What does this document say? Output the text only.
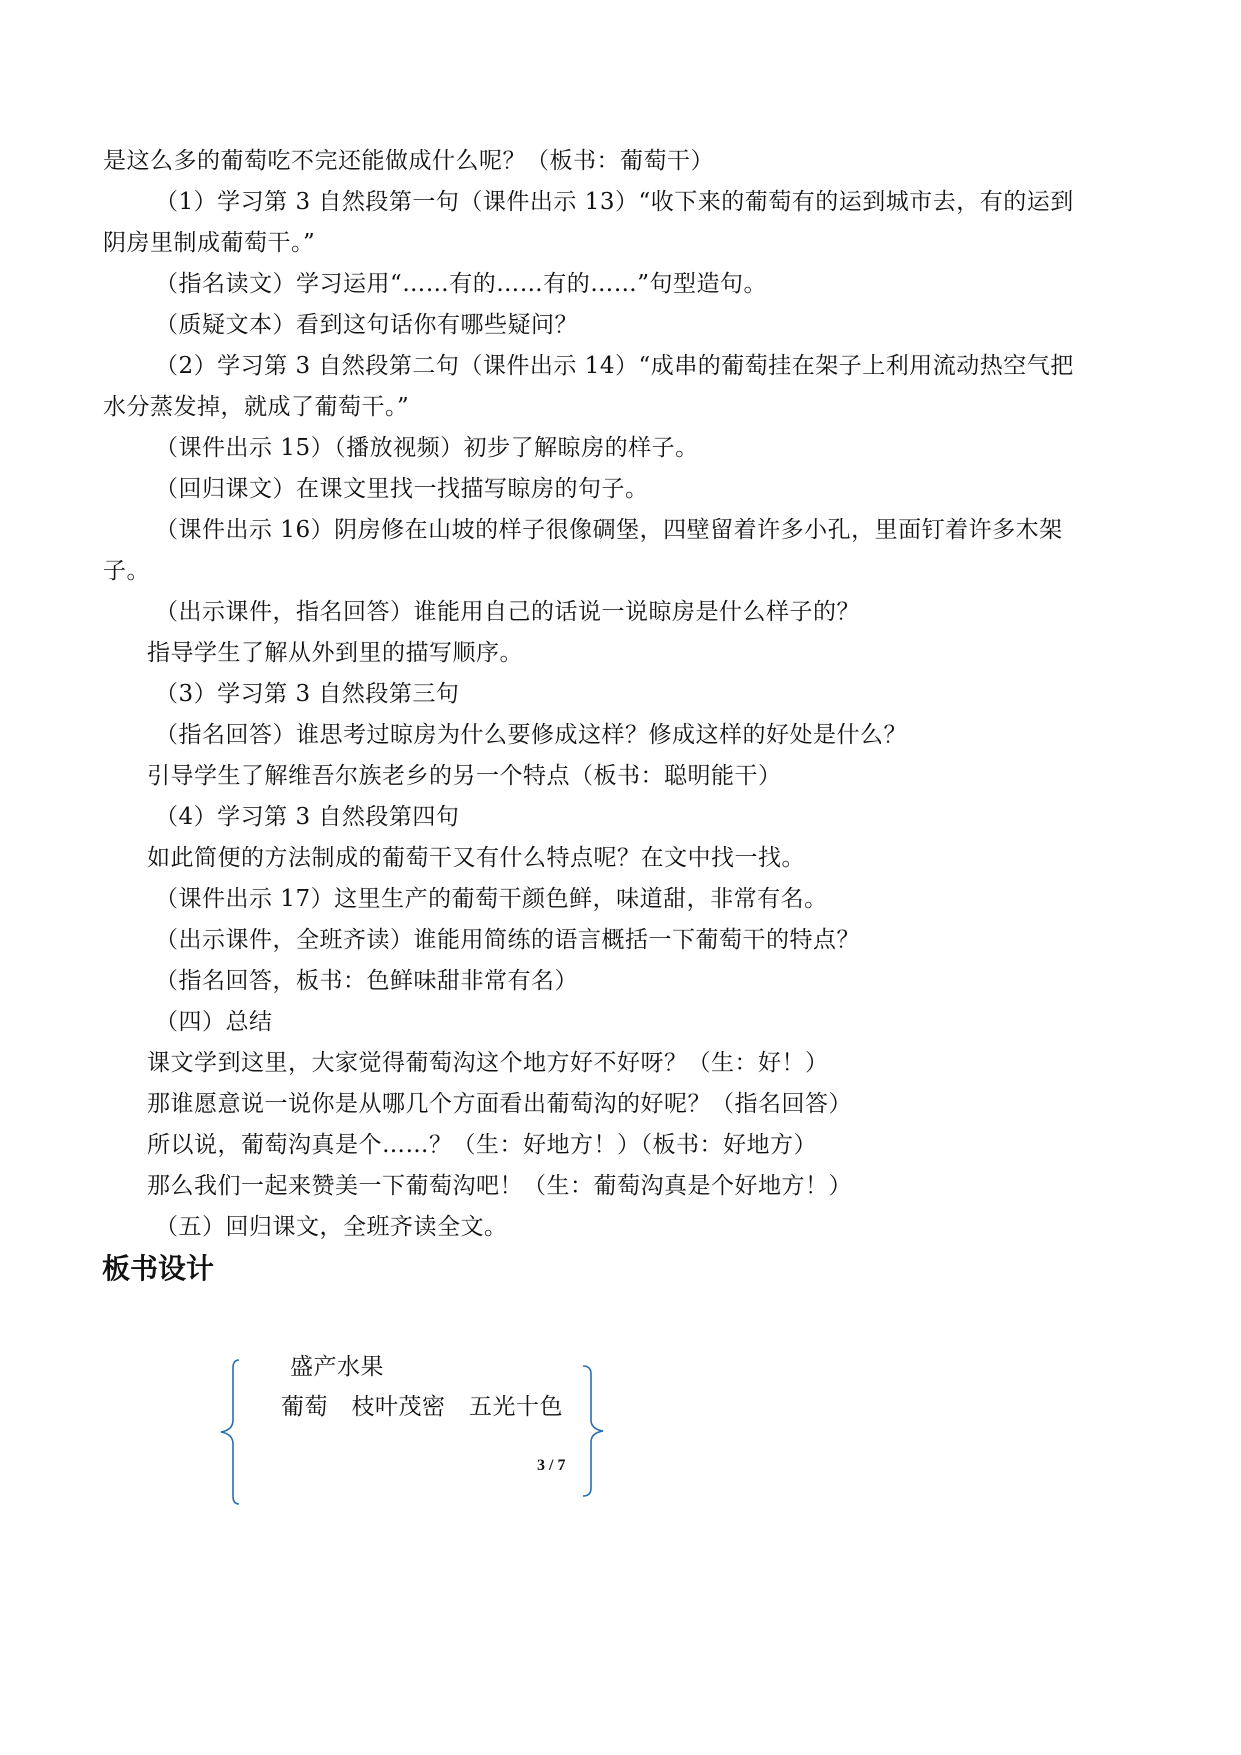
是这么多的葡萄吃不完还能做成什么呢？（板书：葡萄干）
（1）学习第 3 自然段第一句（课件出示 13）“收下来的葡萄有的运到城市去，有的运到
阴房里制成葡萄干。”
（指名读文）学习运用“……有的……有的……”句型造句。
（质疑文本）看到这句话你有哪些疑问？
（2）学习第 3 自然段第二句（课件出示 14）“成串的葡萄挂在架子上利用流动热空气把
水分蒸发掉，就成了葡萄干。”
（课件出示 15）（播放视频）初步了解晾房的样子。
（回归课文）在课文里找一找描写晾房的句子。
（课件出示 16）阴房修在山坡的样子很像碉堡，四壁留着许多小孔，里面钉着许多木架
子。
（出示课件，指名回答）谁能用自己的话说一说晾房是什么样子的？
指导学生了解从外到里的描写顺序。
（3）学习第 3 自然段第三句
（指名回答）谁思考过晾房为什么要修成这样？修成这样的好处是什么？
引导学生了解维吾尔族老乡的另一个特点（板书：聪明能干）
（4）学习第 3 自然段第四句
如此简便的方法制成的葡萄干又有什么特点呢？在文中找一找。
（课件出示 17）这里生产的葡萄干颜色鲜，味道甜，非常有名。
（出示课件，全班齐读）谁能用简练的语言概括一下葡萄干的特点？
（指名回答，板书：色鲜味甜非常有名）
（四）总结
课文学到这里，大家觉得葡萄沟这个地方好不好呀？（生：好！）
那谁愿意说一说你是从哪几个方面看出葡萄沟的好呢？（指名回答）
所以说，葡萄沟真是个……？（生：好地方！）（板书：好地方）
那么我们一起来赞美一下葡萄沟吧！（生：葡萄沟真是个好地方！）
（五）回归课文，全班齐读全文。
板书设计
盛产水果
葡萄　枝叶茂密　五光十色
3 / 7
